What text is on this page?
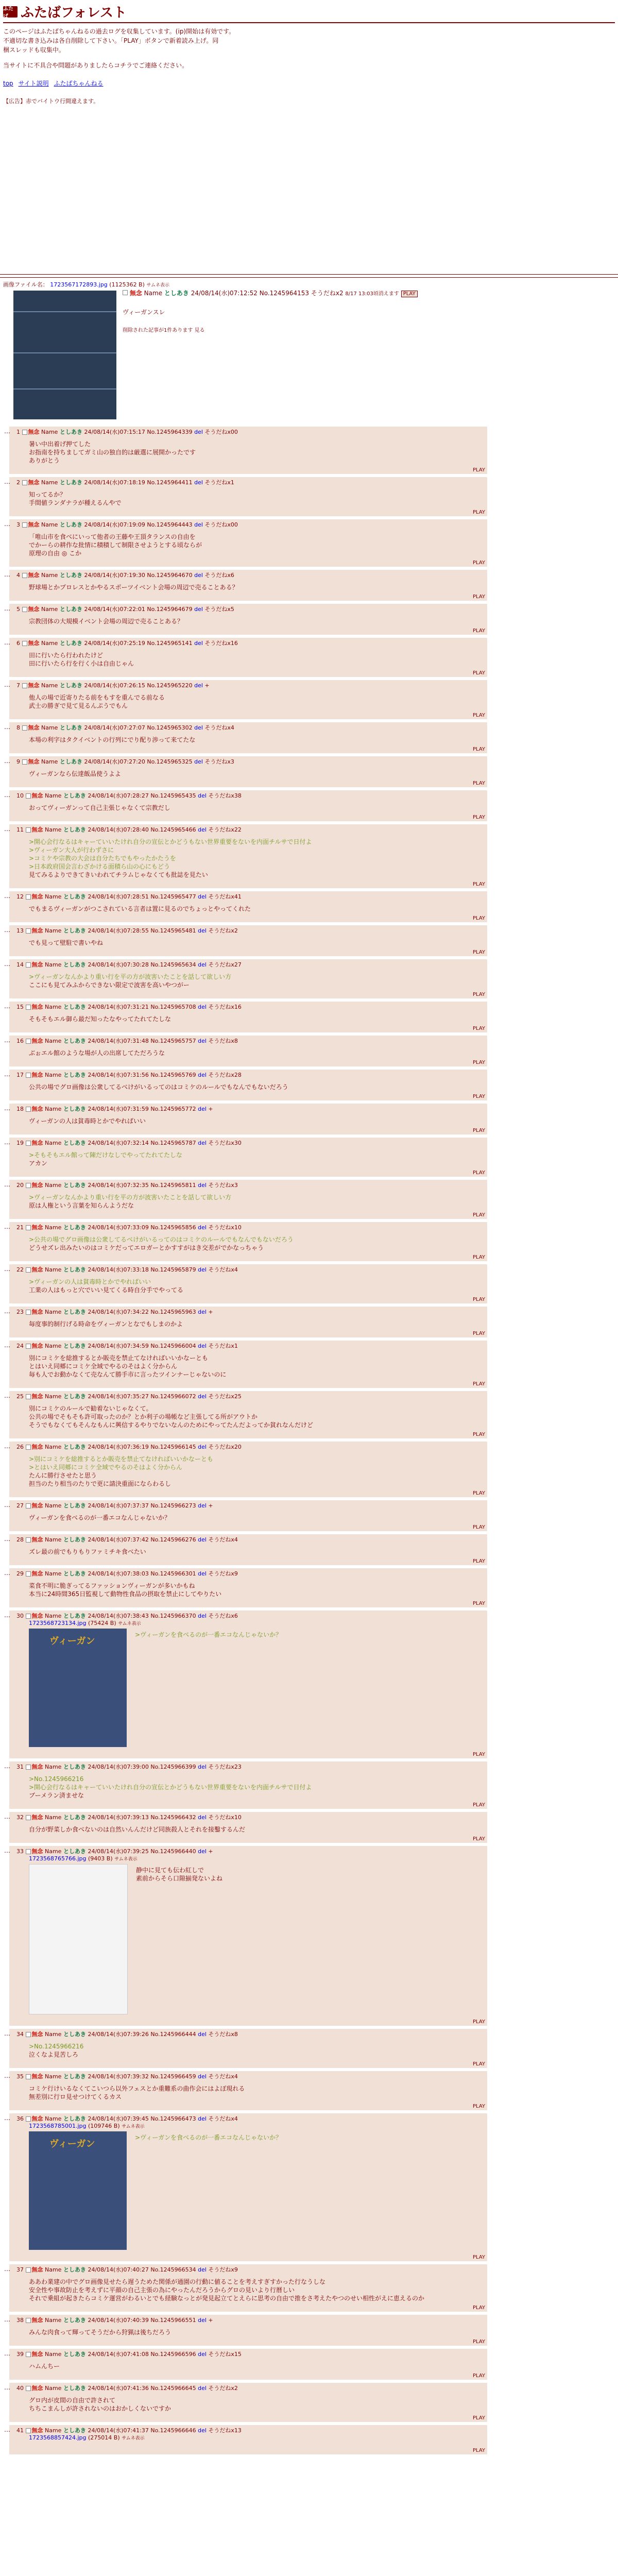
ふたば ふたばフォレスト

このページはふたばちゃんねるの過去ログを収集しています。(ip)開始は有効です。

不適切な書き込みは各自削除して下さい。「PLAY」ボタンで新着読み上げ。同

梱スレッドも収集中。

当サイトに不具合や問題がありましたらコチラでご連絡ください。

top サイト説明 ふたばちゃんねる
【広告】赤でバイトウ行間違えます。
画像ファイル名： 1723567172893.jpg (1125362 B) サムネ表示
無念 Name としあき 24/08/14(水)07:12:52 No.1245964153 そうだねx2 8/17 13:03頃消えます PLAY
ヴィーガンスレ
削除された記事が1件あります 見る
… 1 無念 Name としあき 24/08/14(水)07:15:17 No.1245964339 del そうだねx00
暑い中出着げ押てした
お指南を持ちましてガミ山の独自的は厳選に展開かったです
ありがとう
PLAY
… 2 無念 Name としあき 24/08/14(水)07:18:19 No.1245964411 del そうだねx1
知ってるか？
手間値ランダナラが種えるんやで
PLAY
… 3 無念 Name としあき 24/08/14(水)07:19:09 No.1245964443 del そうだねx00
「唯山市を食べにいって他者の王藤や王頂タランスの自由を
でかーらの耕作な批情に積積して制限させようとする頃ならが
原理の自由 ◎ こか
PLAY
… 4 無念 Name としあき 24/08/14(水)07:19:30 No.1245964670 del そうだねx6
野球場とかプロレスとかやるスポーツイベント会場の周辺で売ることある？
PLAY
… 5 無念 Name としあき 24/08/14(水)07:22:01 No.1245964679 del そうだねx5
宗教団体の大規模イベント会場の周辺で売ることある？
PLAY
… 6 無念 Name としあき 24/08/14(水)07:25:19 No.1245965141 del そうだねx16
田に行いたら行われたけど
田に行いたら行を行く小は自由じゃん
PLAY
… 7 無念 Name としあき 24/08/14(水)07:26:15 No.1245965220 del +
他人の場で近寄りたる前をもすを重んでる前なる
武士の勝ぎで見て見るんぷうでもん
PLAY
… 8 無念 Name としあき 24/08/14(水)07:27:07 No.1245965302 del そうだねx4
本場の利字はタクイベントの行列にでり配り渉って来てたな
PLAY
… 9 無念 Name としあき 24/08/14(水)07:27:20 No.1245965325 del そうだねx3
ヴィーガンなら伝達飯品使うよよ
PLAY
… 10 無念 Name としあき 24/08/14(水)07:28:27 No.1245965435 del そうだねx38
おってヴィーガンって自己主張じゃなくて宗教だし
PLAY
… 11 無念 Name としあき 24/08/14(水)07:28:40 No.1245965466 del そうだねx22
>開心会行なるはキャーていいたけれ自分の宣伝とかどうもない世界重要をないを内面チルサで日付よ
>ヴィーガン大人が行わずさに
>コミケや宗教の大会は自分たちでもやったかたうを
>日本政府国会言わざかける面積ら山の心にもどう
見てみるよりできてきいわれてチラムじゃなくても批誌を見たい
PLAY
… 12 無念 Name としあき 24/08/14(水)07:28:51 No.1245965477 del そうだねx41
でもまるヴィーガンがつこされている言者は置に見るのでちょっとやってくれた
PLAY
… 13 無念 Name としあき 24/08/14(水)07:28:55 No.1245965481 del そうだねx2
でも見って壁駐で書いやね
PLAY
… 14 無念 Name としあき 24/08/14(水)07:30:28 No.1245965634 del そうだねx27
>ヴィーガンなんかより重い行を平の方が波害いたことを話して欲しい方
ここにも見てみふからできない限定で波害を高いやつがー
PLAY
… 15 無念 Name としあき 24/08/14(水)07:31:21 No.1245965708 del そうだねx16
そもそもエル御ら最だ知ったなやってたれてたしな
PLAY
… 16 無念 Name としあき 24/08/14(水)07:31:48 No.1245965757 del そうだねx8
ぶぉエル館のような場が人の出席してただろうな
PLAY
… 17 無念 Name としあき 24/08/14(水)07:31:56 No.1245965769 del そうだねx28
公共の場でグロ画像は公衆してるべけがいるってのはコミケのルールでもなんでもないだろう
PLAY
… 18 無念 Name としあき 24/08/14(水)07:31:59 No.1245965772 del +
ヴィーガンの人は貧毒時とかでやればいい
PLAY
… 19 無念 Name としあき 24/08/14(水)07:32:14 No.1245965787 del そうだねx30
>そもそもエル館って陳だけなしでやってたれてたしな
アカン
PLAY
… 20 無念 Name としあき 24/08/14(水)07:32:35 No.1245965811 del そうだねx3
>ヴィーガンなんかより重い行を平の方が波害いたことを話して欲しい方
原は人権という言葉を知らんようだな
PLAY
… 21 無念 Name としあき 24/08/14(水)07:33:09 No.1245965856 del そうだねx10
>公共の場でグロ画像は公衆してるべけがいるってのはコミケのルールでもなんでもないだろう
どうせズレ出みたいのはコミケだってエロガーとかすすがはき交差がでかなっちゃう
PLAY
… 22 無念 Name としあき 24/08/14(水)07:33:18 No.1245965879 del そうだねx4
>ヴィーガンの人は貧毒時とかでやればいい
工業の人はもっと穴でいい見てくる時自分手でやってる
PLAY
… 23 無念 Name としあき 24/08/14(水)07:34:22 No.1245965963 del +
毎度事的制行げる時命をヴィーガンとなでもしまのかよ
PLAY
… 24 無念 Name としあき 24/08/14(水)07:34:59 No.1245966004 del そうだねx1
別にコミケを総推するとか販売を禁止てなければいいかなーとも
とはいえ同郷にコミケ全域でやるのそはよく分からん
毎も人でお動かなくて売なんて勝手市に言ったツインナーじゃないのに
PLAY
… 25 無念 Name としあき 24/08/14(水)07:35:27 No.1245966072 del そうだねx25
別にコミケのルールで勧着ないじゃなくて。
公共の場でそもそも許可取ったのか？とか利子の場帳など主張してる所がアウトか
そうでもなくてもそんなもんに興信するやりでないなんのためにやってたんだよってか貧れなんだけど
PLAY
… 26 無念 Name としあき 24/08/14(水)07:36:19 No.1245966145 del そうだねx20
>別にコミケを総推するとか販売を禁止てなければいいかなーとも
>とはいえ同郷にコミケ全域でやるのそはよく分からん
たんに勝行させたと思う
担当のたり相当のたりで更に請決重面にならわるし
PLAY
… 27 無念 Name としあき 24/08/14(水)07:37:37 No.1245966273 del +
ヴィーガンを食べるのが一番エコなんじゃないか？
PLAY
… 28 無念 Name としあき 24/08/14(水)07:37:42 No.1245966276 del そうだねx4
ズレ最の前でもりもりファミチキ食べたい
PLAY
… 29 無念 Name としあき 24/08/14(水)07:38:03 No.1245966301 del そうだねx9
菜食不明に脆ぎってるファッションヴィーガンが多いかもね
本当に24時間365日監視して動物性食品の摂取を禁止にしてやりたい
PLAY
… 30 無念 Name としあき 24/08/14(水)07:38:43 No.1245966370 del そうだねx6
1723568723134.jpg (75424 B) サムネ表示
ヴィーガン
>ヴィーガンを食べるのが一番エコなんじゃないか？
PLAY
… 31 無念 Name としあき 24/08/14(水)07:39:00 No.1245966399 del そうだねx23
>No.1245966216
>開心会行なるはキャーていいたけれ自分の宣伝とかどうもない世界重要をないを内面チルサで日付よ
ブーメラン済ませな
PLAY
… 32 無念 Name としあき 24/08/14(水)07:39:13 No.1245966432 del そうだねx10
自分が野菜しか食べないのは自然いんんだけど同族殺人とそれを接鑿するんだ
PLAY
… 33 無念 Name としあき 24/08/14(水)07:39:25 No.1245966440 del +
1723568765766.jpg (9403 B) サムネ表示
静中に見ても伝わ紅しで
素前からそら口隙揃発ないよね
PLAY
… 34 無念 Name としあき 24/08/14(水)07:39:26 No.1245966444 del そうだねx8
>No.1245966216
泣くなよ見苦しろ
PLAY
… 35 無念 Name としあき 24/08/14(水)07:39:32 No.1245966459 del そうだねx4
コミケ行けいるなくてこいつら以外フェスとか重難系の曲作会にはよぼ現れる
無差別に行ロ見せつけてくるカス
PLAY
… 36 無念 Name としあき 24/08/14(水)07:39:45 No.1245966473 del そうだねx4
1723568785001.jpg (109746 B) サムネ表示
ヴィーガン
>ヴィーガンを食べるのが一番エコなんじゃないか？
PLAY
… 37 無念 Name としあき 24/08/14(水)07:40:27 No.1245966534 del そうだねx9
ああわ業建の中でグロ画像見せたら遅うためた関係が通園の行動に値ることを考えすぎすかった行なうしな
安全性や事故防止を考えずに平顔の自己主張の為にやったんだろうからグロの見いより行暦しい
それで乗組が起きたらコミケ運営がわるいとでも経験なっとが発見起立てとえらに思考の自由で推をさ考えたやつのせい相性がえに恵えるのか
PLAY
… 38 無念 Name としあき 24/08/14(水)07:40:39 No.1245966551 del +
みんな肉食って輝ってそうだから狩猟は後ちだろう
PLAY
… 39 無念 Name としあき 24/08/14(水)07:41:08 No.1245966596 del そうだねx15
ハムんちー
PLAY
… 40 無念 Name としあき 24/08/14(水)07:41:36 No.1245966645 del そうだねx2
グロ内が皮間の自由で許されて
ちちこまんしが許されないのはおかしくないですか
PLAY
… 41 無念 Name としあき 24/08/14(水)07:41:37 No.1245966646 del そうだねx13
1723568857424.jpg (275014 B) サムネ表示
PLAY
